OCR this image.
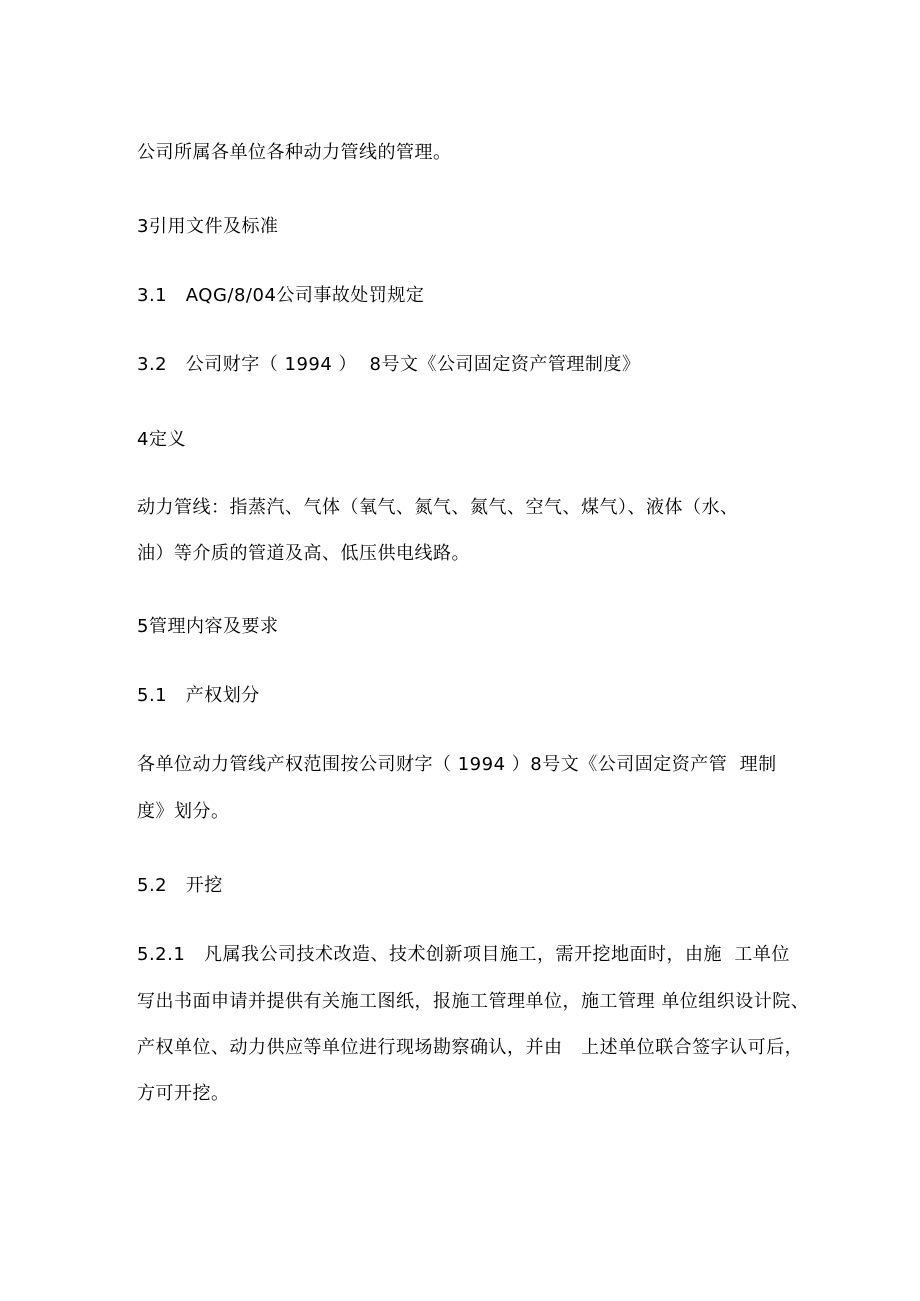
公司所属各单位各种动力管线的管理。
3引用文件及标准
3.1   AQG/8/04公司事故处罚规定
3.2   公司财字（ 1994 ）  8号文《公司固定资产管理制度》
4定义
动力管线：指蒸汽、气体（氧气、氮气、氮气、空气、煤气）、液体（水、
油）等介质的管道及高、低压供电线路。
5管理内容及要求
5.1   产权划分
各单位动力管线产权范围按公司财字（ 1994 ）8号文《公司固定资产管  理制
度》划分。
5.2   开挖
5.2.1   凡属我公司技术改造、技术创新项目施工，需开挖地面时，由施  工单位
写出书面申请并提供有关施工图纸，报施工管理单位，施工管理 单位组织设计院、
产权单位、动力供应等单位进行现场勘察确认，并由   上述单位联合签字认可后，
方可开挖。
